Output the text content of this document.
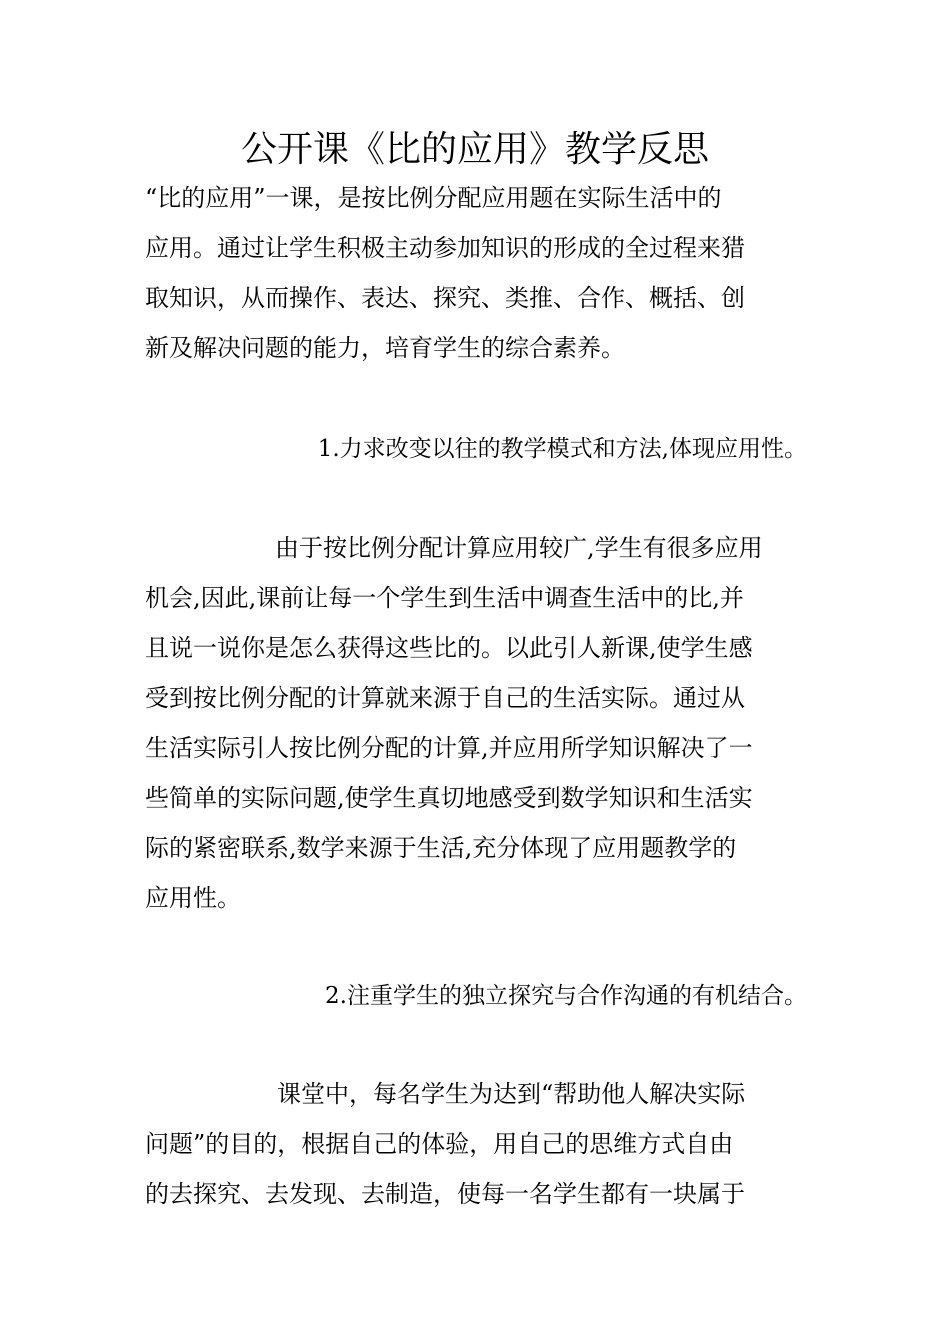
公开课《比的应用》教学反思
“比的应用”一课，是按比例分配应用题在实际生活中的
应用。通过让学生积极主动参加知识的形成的全过程来猎
取知识，从而操作、表达、探究、类推、合作、概括、创
新及解决问题的能力，培育学生的综合素养。

1.力求改变以往的教学模式和方法,体现应用性。

由于按比例分配计算应用较广,学生有很多应用
机会,因此,课前让每一个学生到生活中调查生活中的比,并
且说一说你是怎么获得这些比的。以此引人新课,使学生感
受到按比例分配的计算就来源于自己的生活实际。通过从
生活实际引人按比例分配的计算,并应用所学知识解决了一
些简单的实际问题,使学生真切地感受到数学知识和生活实
际的紧密联系,数学来源于生活,充分体现了应用题教学的
应用性。

2.注重学生的独立探究与合作沟通的有机结合。

课堂中，每名学生为达到“帮助他人解决实际
问题”的目的，根据自己的体验，用自己的思维方式自由
的去探究、去发现、去制造，使每一名学生都有一块属于
